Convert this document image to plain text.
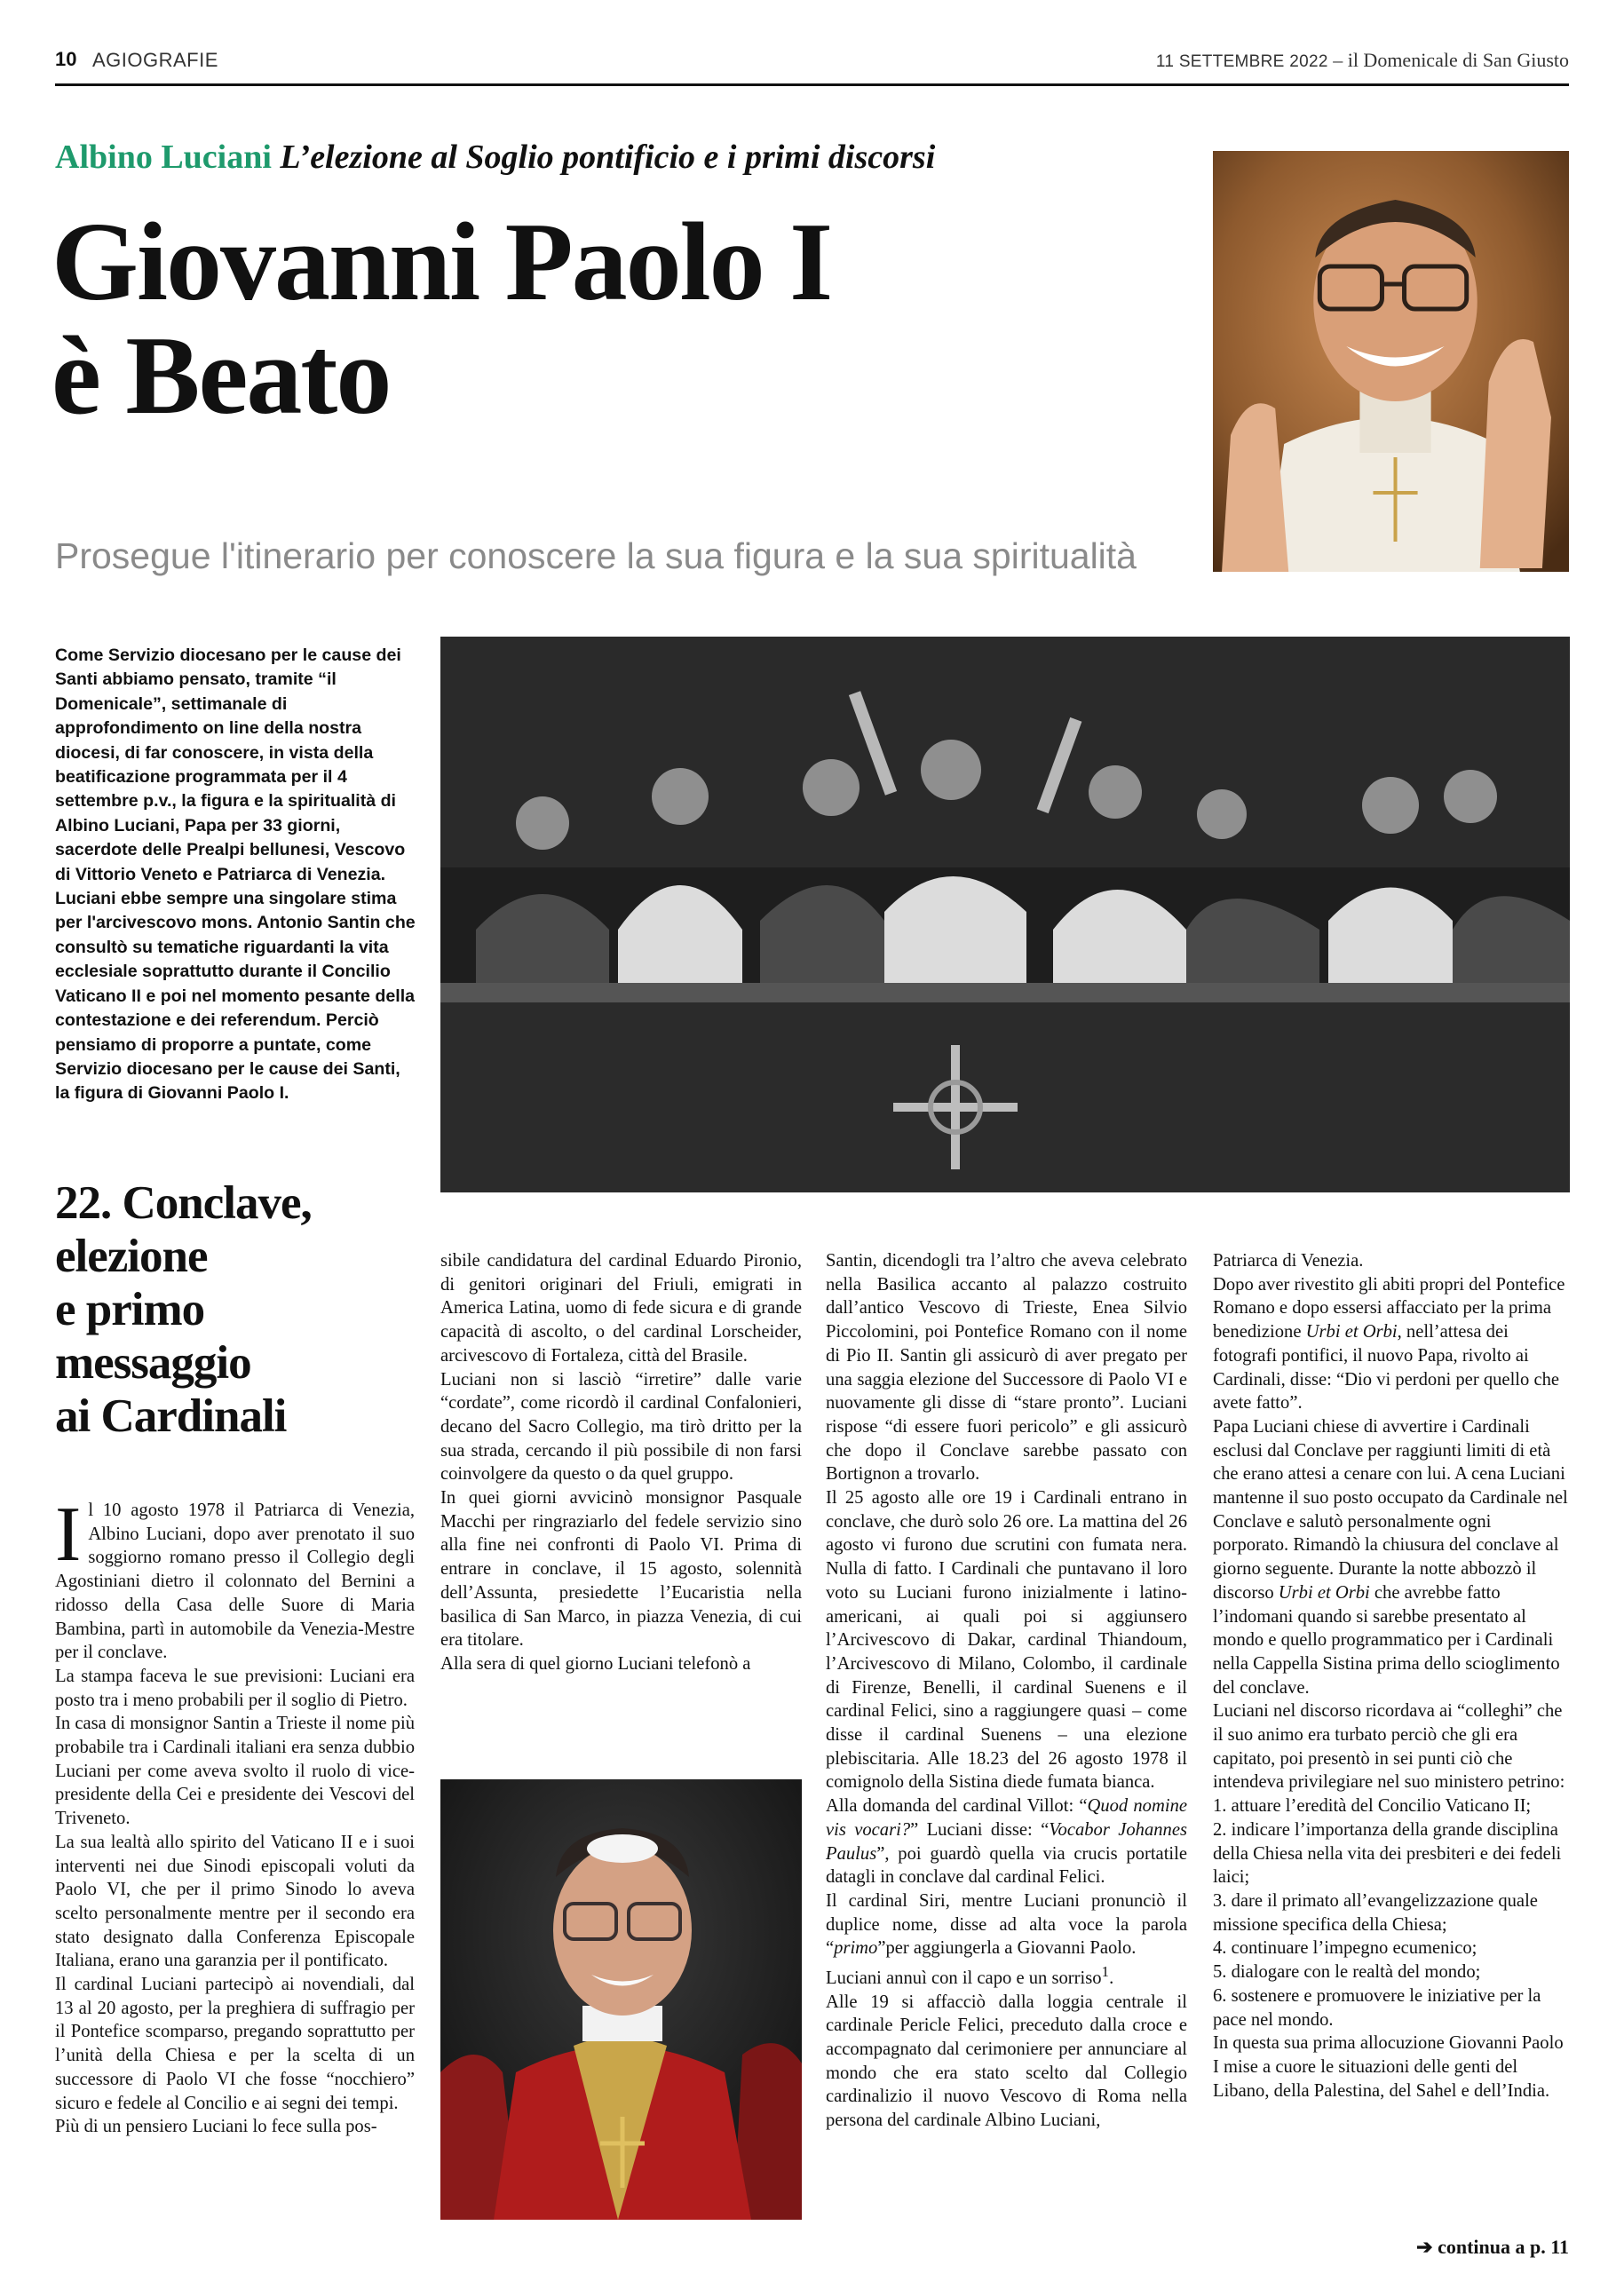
10 AGIOGRAFIE	11 SETTEMBRE 2022 – il Domenicale di San Giusto
Albino Luciani L’elezione al Soglio pontificio e i primi discorsi
Giovanni Paolo I
è Beato
Prosegue l'itinerario per conoscere la sua figura e la sua spiritualità
Come Servizio diocesano per le cause dei Santi abbiamo pensato, tramite “il Domenicale”, settimanale di approfondimento on line della nostra diocesi, di far conoscere, in vista della beatificazione programmata per il 4 settembre p.v., la figura e la spiritualità di Albino Luciani, Papa per 33 giorni, sacerdote delle Prealpi bellunesi, Vescovo di Vittorio Veneto e Patriarca di Venezia. Luciani ebbe sempre una singolare stima per l'arcivescovo mons. Antonio Santin che consultò su tematiche riguardanti la vita ecclesiale soprattutto durante il Concilio Vaticano II e poi nel momento pesante della contestazione e dei referendum. Perciò pensiamo di proporre a puntate, come Servizio diocesano per le cause dei Santi, la figura di Giovanni Paolo I.
22. Conclave,
elezione
e primo
messaggio
ai Cardinali

Il 10 agosto 1978 il Patriarca di Venezia, Albino Luciani, dopo aver prenotato il suo soggiorno romano presso il Collegio degli Agostiniani dietro il colonnato del Bernini a ridosso della Casa delle Suore di Maria Bambina, partì in automobile da Venezia-Mestre per il conclave.

La stampa faceva le sue previsioni: Luciani era posto tra i meno probabili per il soglio di Pietro.

In casa di monsignor Santin a Trieste il nome più probabile tra i Cardinali italiani era senza dubbio Luciani per come aveva svolto il ruolo di vice-presidente della Cei e presidente dei Vescovi del Triveneto.

La sua lealtà allo spirito del Vaticano II e i suoi interventi nei due Sinodi episcopali voluti da Paolo VI, che per il primo Sinodo lo aveva scelto personalmente mentre per il secondo era stato designato dalla Conferenza Episcopale Italiana, erano una garanzia per il pontificato.

Il cardinal Luciani partecipò ai novendiali, dal 13 al 20 agosto, per la preghiera di suffragio per il Pontefice scomparso, pregando soprattutto per l’unità della Chiesa e per la scelta di un successore di Paolo VI che fosse “nocchiero” sicuro e fedele al Concilio e ai segni dei tempi.

Più di un pensiero Luciani lo fece sulla pos-

sibile candidatura del cardinal Eduardo Pironio, di genitori originari del Friuli, emigrati in America Latina, uomo di fede sicura e di grande capacità di ascolto, o del cardinal Lorscheider, arcivescovo di Fortaleza, città del Brasile.

Luciani non si lasciò “irretire” dalle varie “cordate”, come ricordò il cardinal Confalonieri, decano del Sacro Collegio, ma tirò dritto per la sua strada, cercando il più possibile di non farsi coinvolgere da questo o da quel gruppo.

In quei giorni avvicinò monsignor Pasquale Macchi per ringraziarlo del fedele servizio sino alla fine nei confronti di Paolo VI. Prima di entrare in conclave, il 15 agosto, solennità dell’Assunta, presiedette l’Eucaristia nella basilica di San Marco, in piazza Venezia, di cui era titolare.

Alla sera di quel giorno Luciani telefonò a

Santin, dicendogli tra l’altro che aveva celebrato nella Basilica accanto al palazzo costruito dall’antico Vescovo di Trieste, Enea Silvio Piccolomini, poi Pontefice Romano con il nome di Pio II. Santin gli assicurò di aver pregato per una saggia elezione del Successore di Paolo VI e nuovamente gli disse di “stare pronto”. Luciani rispose “di essere fuori pericolo” e gli assicurò che dopo il Conclave sarebbe passato con Bortignon a trovarlo.

Il 25 agosto alle ore 19 i Cardinali entrano in conclave, che durò solo 26 ore. La mattina del 26 agosto vi furono due scrutini con fumata nera. Nulla di fatto. I Cardinali che puntavano il loro voto su Luciani furono inizialmente i latino-americani, ai quali poi si aggiunsero l’Arcivescovo di Dakar, cardinal Thiandoum, l’Arcivescovo di Milano, Colombo, il cardinale di Firenze, Benelli, il cardinal Suenens e il cardinal Felici, sino a raggiungere quasi – come disse il cardinal Suenens – una elezione plebiscitaria. Alle 18.23 del 26 agosto 1978 il comignolo della Sistina diede fumata bianca.

Alla domanda del cardinal Villot: “Quod nomine vis vocari?” Luciani disse: “Vocabor Johannes Paulus”, poi guardò quella via crucis portatile datagli in conclave dal cardinal Felici.

Il cardinal Siri, mentre Luciani pronunciò il duplice nome, disse ad alta voce la parola “primo”per aggiungerla a Giovanni Paolo.

Luciani annuì con il capo e un sorriso$^1$.

Alle 19 si affacciò dalla loggia centrale il cardinale Pericle Felici, preceduto dalla croce e accompagnato dal cerimoniere per annunciare al mondo che era stato scelto dal Collegio cardinalizio il nuovo Vescovo di Roma nella persona del cardinale Albino Luciani,

Patriarca di Venezia.

Dopo aver rivestito gli abiti propri del Pontefice Romano e dopo essersi affacciato per la prima benedizione Urbi et Orbi, nell’attesa dei fotografi pontifici, il nuovo Papa, rivolto ai Cardinali, disse: “Dio vi perdoni per quello che avete fatto”.

Papa Luciani chiese di avvertire i Cardinali esclusi dal Conclave per raggiunti limiti di età che erano attesi a cenare con lui. A cena Luciani mantenne il suo posto occupato da Cardinale nel Conclave e salutò personalmente ogni porporato. Rimandò la chiusura del conclave al giorno seguente. Durante la notte abbozzò il discorso Urbi et Orbi che avrebbe fatto l’indomani quando si sarebbe presentato al mondo e quello programmatico per i Cardinali nella Cappella Sistina prima dello scioglimento del conclave.

Luciani nel discorso ricordava ai “colleghi” che il suo animo era turbato perciò che gli era capitato, poi presentò in sei punti ciò che intendeva privilegiare nel suo ministero petrino:

1. attuare l’eredità del Concilio Vaticano II;

2. indicare l’importanza della grande disciplina della Chiesa nella vita dei presbiteri e dei fedeli laici;

3. dare il primato all’evangelizzazione quale missione specifica della Chiesa;

4. continuare l’impegno ecumenico;

5. dialogare con le realtà del mondo;

6. sostenere e promuovere le iniziative per la pace nel mondo.

In questa sua prima allocuzione Giovanni Paolo I mise a cuore le situazioni delle genti del Libano, della Palestina, del Sahel e dell’India.

➔ continua a p. 11
